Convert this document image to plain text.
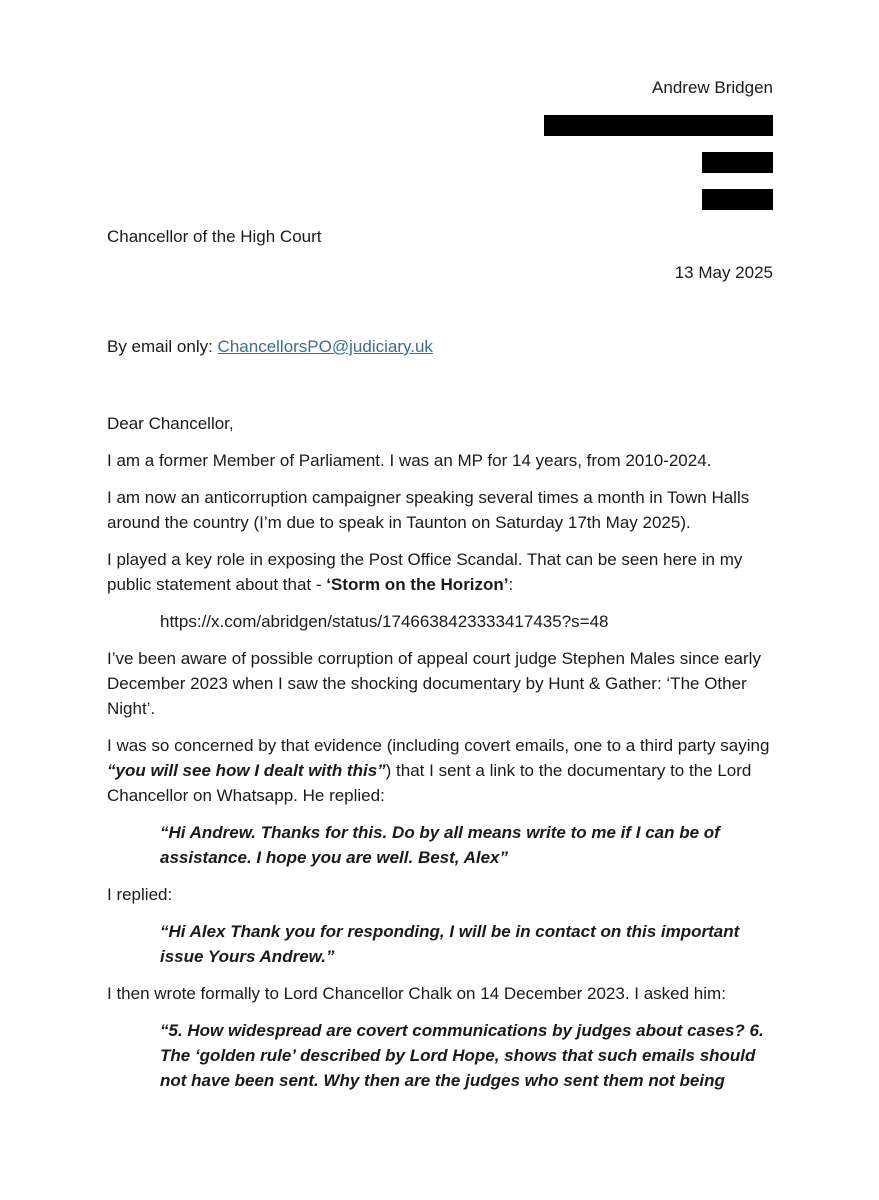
Andrew Bridgen
Chancellor of the High Court
13 May 2025
By email only: ChancellorsPO@judiciary.uk

Dear Chancellor,

I am a former Member of Parliament. I was an MP for 14 years, from 2010-2024.

I am now an anticorruption campaigner speaking several times a month in Town Halls around the country (I’m due to speak in Taunton on Saturday 17th May 2025).

I played a key role in exposing the Post Office Scandal. That can be seen here in my public statement about that - ‘Storm on the Horizon’:

https://x.com/abridgen/status/1746638423333417435?s=48

I’ve been aware of possible corruption of appeal court judge Stephen Males since early December 2023 when I saw the shocking documentary by Hunt & Gather: ‘The Other Night’.

I was so concerned by that evidence (including covert emails, one to a third party saying “you will see how I dealt with this”) that I sent a link to the documentary to the Lord Chancellor on Whatsapp. He replied:

“Hi Andrew. Thanks for this. Do by all means write to me if I can be of assistance. I hope you are well. Best, Alex”

I replied:

“Hi Alex Thank you for responding, I will be in contact on this important issue Yours Andrew.”

I then wrote formally to Lord Chancellor Chalk on 14 December 2023. I asked him:

“5. How widespread are covert communications by judges about cases? 6. The ‘golden rule’ described by Lord Hope, shows that such emails should not have been sent. Why then are the judges who sent them not being
